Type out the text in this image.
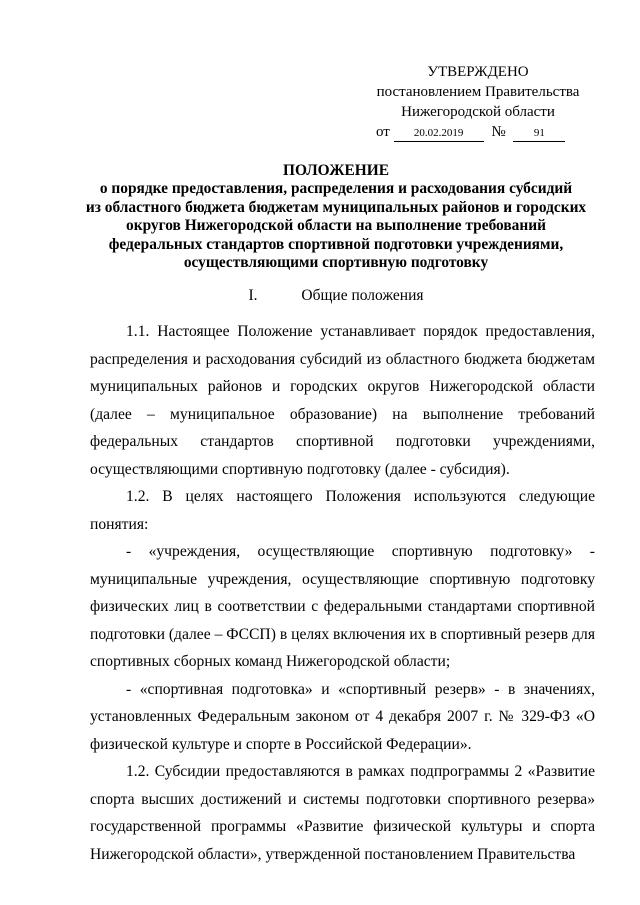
УТВЕРЖДЕНО
постановлением Правительства
Нижегородской области
от 20.02.2019 №	91
ПОЛОЖЕНИЕ
о порядке предоставления, распределения и расходования субсидий
из областного бюджета бюджетам муниципальных районов и городских
округов Нижегородской области на выполнение требований
федеральных стандартов спортивной подготовки учреждениями,
осуществляющими спортивную подготовку
I.	Общие положения

1.1. Настоящее Положение устанавливает порядок предоставления, распределения и расходования субсидий из областного бюджета бюджетам муниципальных районов и городских округов Нижегородской области (далее – муниципальное образование) на выполнение требований федеральных стандартов спортивной подготовки учреждениями, осуществляющими спортивную подготовку (далее - субсидия).

1.2. В целях настоящего Положения используются следующие понятия:

- «учреждения, осуществляющие спортивную подготовку» - муниципальные учреждения, осуществляющие спортивную подготовку физических лиц в соответствии с федеральными стандартами спортивной подготовки (далее – ФССП) в целях включения их в спортивный резерв для спортивных сборных команд Нижегородской области;

- «спортивная подготовка» и «спортивный резерв» - в значениях, установленных Федеральным законом от 4 декабря 2007 г. № 329-ФЗ «О физической культуре и спорте в Российской Федерации».

1.2. Субсидии предоставляются в рамках подпрограммы 2 «Развитие спорта высших достижений и системы подготовки спортивного резерва» государственной программы «Развитие физической культуры и спорта Нижегородской области», утвержденной постановлением Правительства
